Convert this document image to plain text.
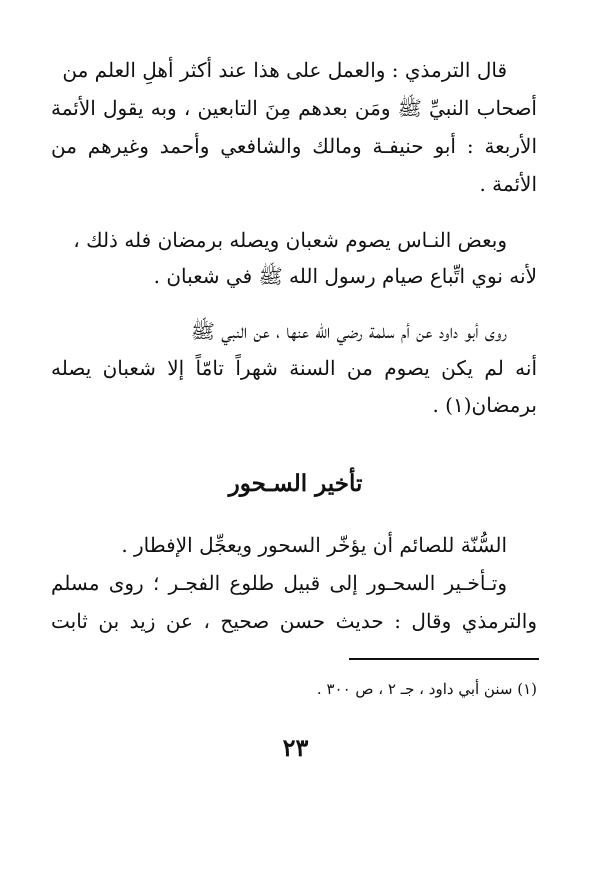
قال الترمذي : والعمل على هذا عند أكثر أهلِ العلم من

أصحاب النبيِّ ﷺ ومَن بعدهم مِنَ التابعين ، وبه يقول الأئمة

الأربعة : أبو حنيفـة ومالك والشافعي وأحمد وغيرهم من

الأئمة .

وبعض النـاس يصوم شعبان ويصله برمضان فله ذلك ،

لأنه نوي اتِّباع صيام رسول الله ﷺ في شعبان .

روى أبو داود عن أم سلمة رضي الله عنها ، عن النبي ﷺ

أنه لم يكن يصوم من السنة شهراً تامّاً إلا شعبان يصله

برمضان(١) .

تأخير السـحور

السُّنّة للصائم أن يؤخّر السحور ويعجِّل الإفطار .

وتـأخـير السحـور إلى قبيل طلوع الفجـر ؛ روى مسلم

والترمذي وقال : حديث حسن صحيح ، عن زيد بن ثابت

(١) سنن أبي داود ، جـ ٢ ، ص ٣٠٠ .

٢٣
